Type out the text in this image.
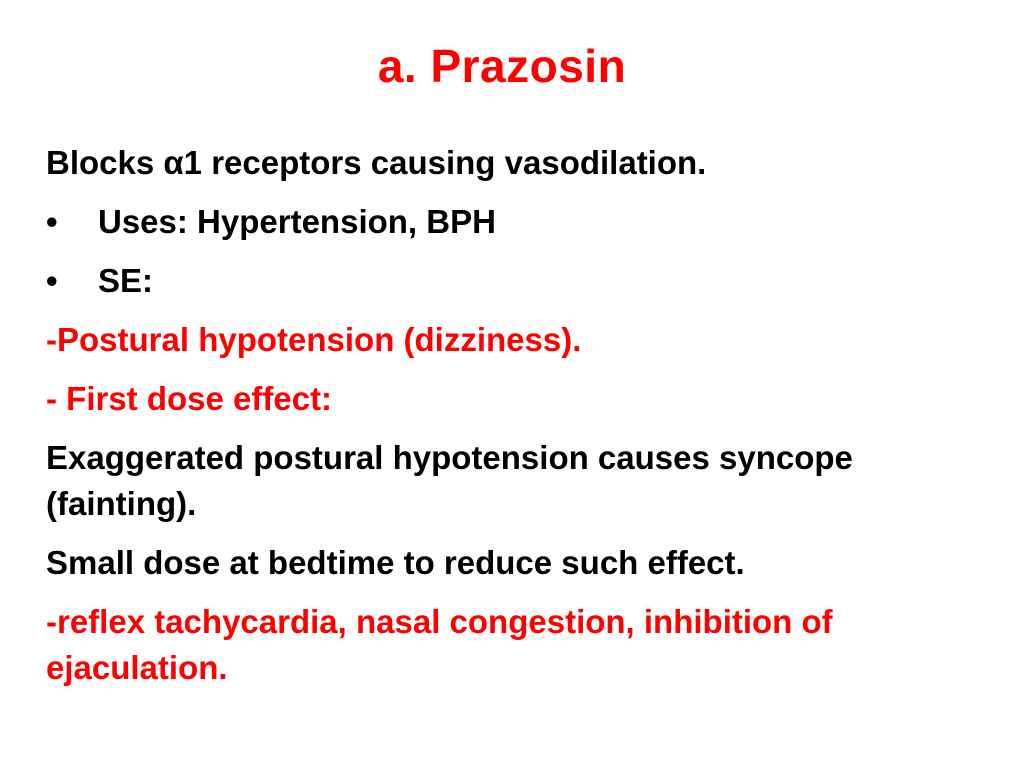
a. Prazosin
Blocks α1 receptors causing vasodilation.
• Uses: Hypertension, BPH
• SE:
-Postural hypotension (dizziness).
- First dose effect:
Exaggerated postural hypotension causes syncope (fainting).
Small dose at bedtime to reduce such effect.
-reflex tachycardia, nasal congestion, inhibition of ejaculation.
